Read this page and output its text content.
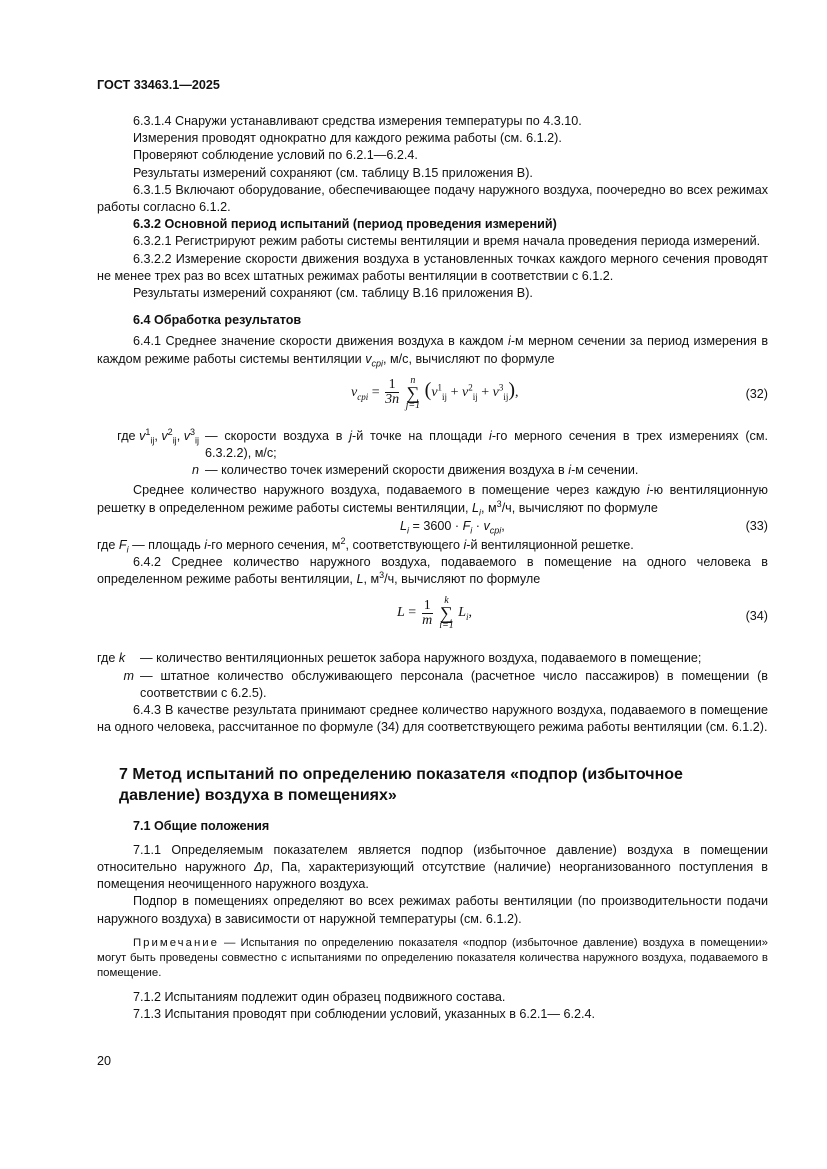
ГОСТ 33463.1—2025

6.3.1.4 Снаружи устанавливают средства измерения температуры по 4.3.10.

Измерения проводят однократно для каждого режима работы (см. 6.1.2).

Проверяют соблюдение условий по 6.2.1—6.2.4.

Результаты измерений сохраняют (см. таблицу В.15 приложения В).

6.3.1.5 Включают оборудование, обеспечивающее подачу наружного воздуха, поочередно во всех режимах работы согласно 6.1.2.

6.3.2 Основной период испытаний (период проведения измерений)

6.3.2.1 Регистрируют режим работы системы вентиляции и время начала проведения периода измерений.

6.3.2.2 Измерение скорости движения воздуха в установленных точках каждого мерного сечения проводят не менее трех раз во всех штатных режимах работы вентиляции в соответствии с 6.1.2.

Результаты измерений сохраняют (см. таблицу В.16 приложения В).

6.4 Обработка результатов

6.4.1 Среднее значение скорости движения воздуха в каждом i-м мерном сечении за период измерения в каждом режиме работы системы вентиляции $v_{срi}$, м/с, вычисляют по формуле

$v_{срi} = \frac{1}{3n}$ n
∑
j=1 $(v^1_{ij} + v^2_{ij} + v^3_{ij})$,	(32)
где $v^1_{ij}$, $v^2_{ij}$, $v^3_{ij}$ — скорости воздуха в j-й точке на площади i-го мерного сечения в трех измерениях (см. 6.3.2.2), м/с;

n — количество точек измерений скорости движения воздуха в i-м сечении.

Среднее количество наружного воздуха, подаваемого в помещение через каждую i-ю вентиляционную решетку в определенном режиме работы системы вентиляции, $L_i$, $м^3/ч$, вычисляют по формуле

$L_i = 3600 \cdot F_i \cdot v_{срi}$,	(33)

где $F_i$ — площадь i-го мерного сечения, $м^2$, соответствующего i-й вентиляционной решетке.

6.4.2 Среднее количество наружного воздуха, подаваемого в помещение на одного человека в определенном режиме работы вентиляции, L, $м^3/ч$, вычисляют по формуле

$L = \frac{1}{m}$ k
∑
i=1 $L_i$,	(34)
где k	— количество вентиляционных решеток забора наружного воздуха, подаваемого в помещение;

m — штатное количество обслуживающего персонала (расчетное число пассажиров) в помещении (в соответствии с 6.2.5).

6.4.3 В качестве результата принимают среднее количество наружного воздуха, подаваемого в помещение на одного человека, рассчитанное по формуле (34) для соответствующего режима работы вентиляции (см. 6.1.2).

7 Метод испытаний по определению показателя «подпор (избыточное давление) воздуха в помещениях»

7.1 Общие положения

7.1.1 Определяемым показателем является подпор (избыточное давление) воздуха в помещении относительно наружного Δp, Па, характеризующий отсутствие (наличие) неорганизованного поступления в помещения неочищенного наружного воздуха.

Подпор в помещениях определяют во всех режимах работы вентиляции (по производительности подачи наружного воздуха) в зависимости от наружной температуры (см. 6.1.2).

Примечание — Испытания по определению показателя «подпор (избыточное давление) воздуха в помещении» могут быть проведены совместно с испытаниями по определению показателя количества наружного воздуха, подаваемого в помещение.

7.1.2 Испытаниям подлежит один образец подвижного состава.

7.1.3 Испытания проводят при соблюдении условий, указанных в 6.2.1— 6.2.4.

20
